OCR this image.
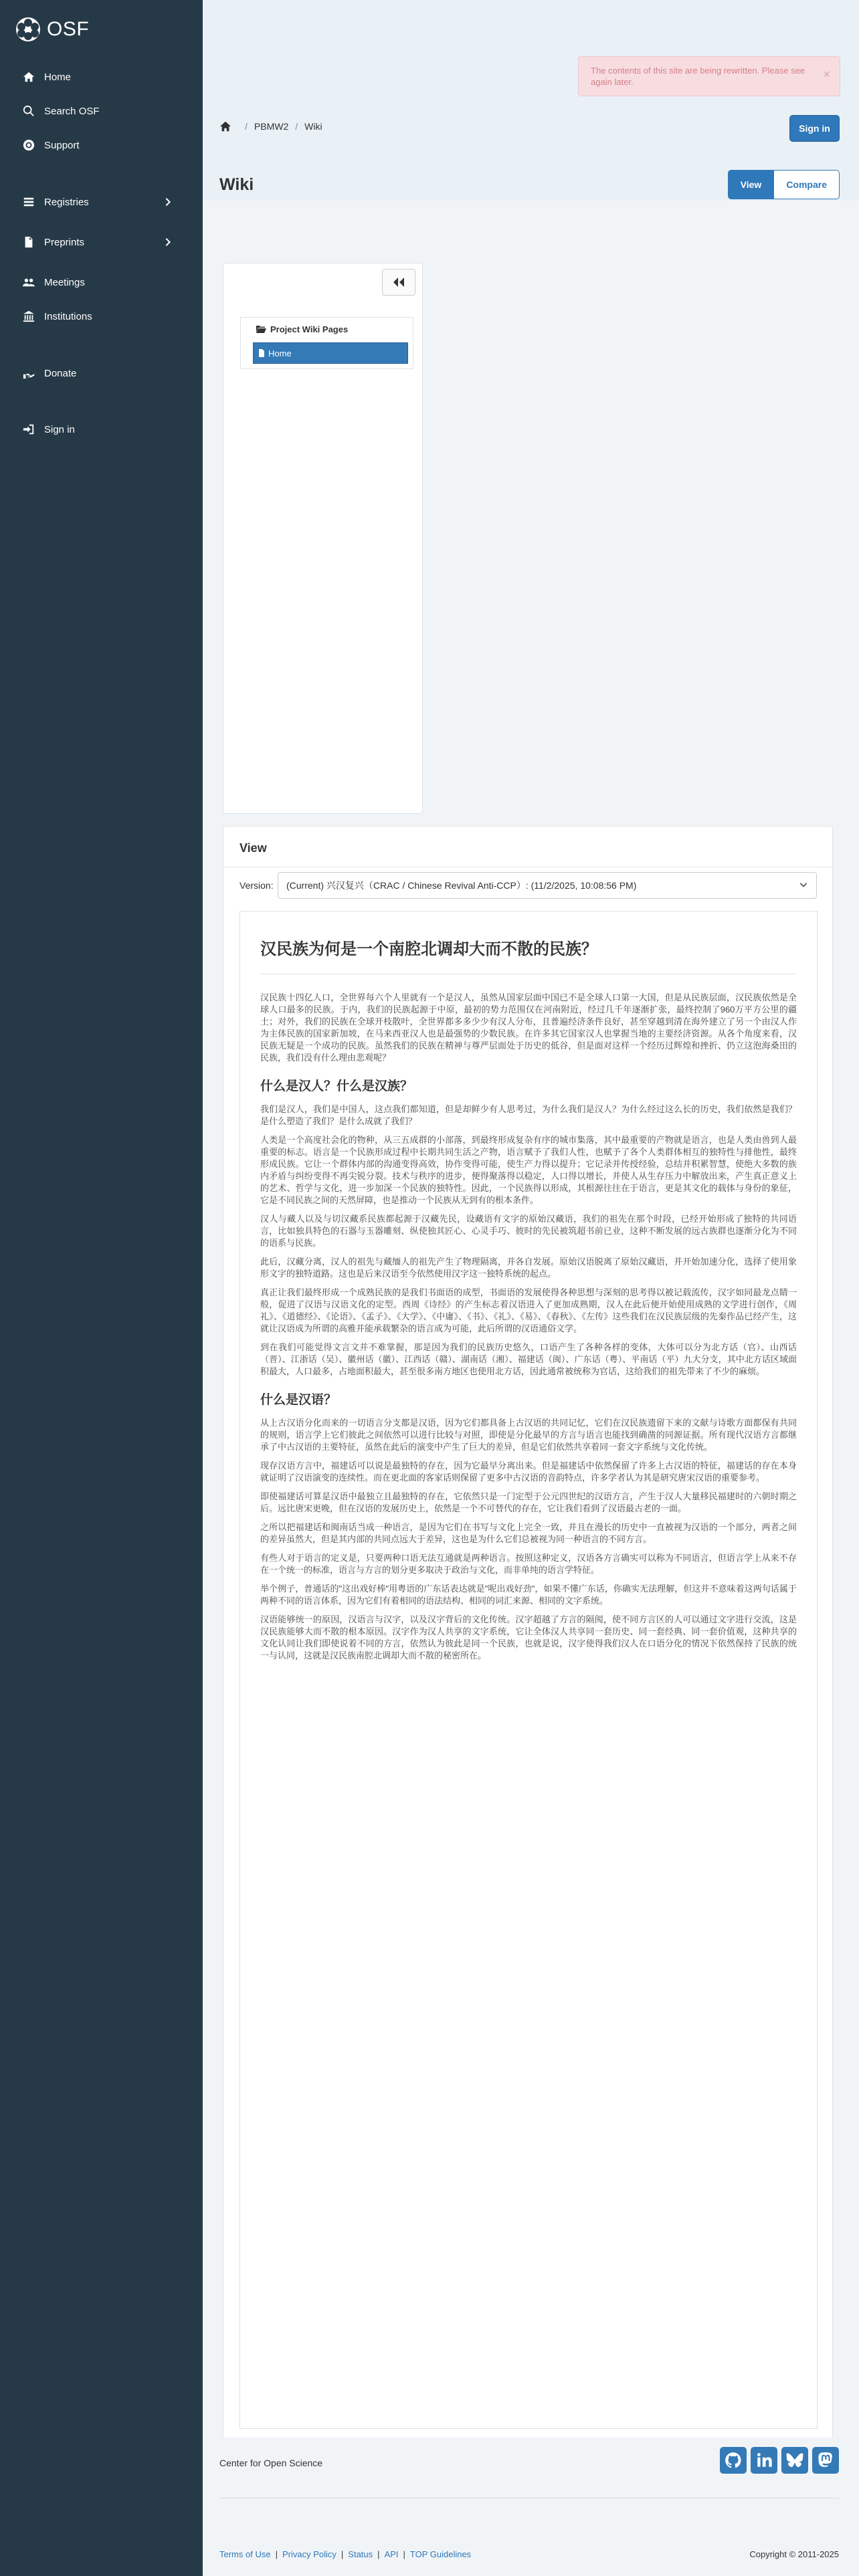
OSF
Home
Search OSF
Support
Registries
Preprints
Meetings
Institutions
Donate
Sign in
The contents of this site are being rewritten. Please see again later.
×
/ PBMW2 / Wiki	Sign in
Wiki	View	Compare
Project Wiki Pages
Home
View
Version: (Current) 兴汉复兴（CRAC / Chinese Revival Anti-CCP）: (11/2/2025, 10:08:56 PM)
汉民族为何是一个南腔北调却大而不散的民族？

汉民族十四亿人口，全世界每六个人里就有一个是汉人，虽然从国家层面中国已不是全球人口第一大国，但是从民族层面，汉民族依然是全球人口最多的民族。于内，我们的民族起源于中原，最初的势力范围仅在河南附近，经过几千年逐渐扩张，最终控制了960万平方公里的疆土；对外，我们的民族在全球开枝散叶，全世界都多多少少有汉人分布，且普遍经济条件良好，甚至穿越到清在海外建立了另一个由汉人作为主体民族的国家新加坡，在马来西亚汉人也是最强势的少数民族。在许多其它国家汉人也掌握当地的主要经济资源。从各个角度来看，汉民族无疑是一个成功的民族。虽然我们的民族在精神与尊严层面处于历史的低谷，但是面对这样一个经历过辉煌和挫折、仍立这泡海桑田的民族，我们没有什么理由悲观呢？

什么是汉人？什么是汉族？

我们是汉人，我们是中国人，这点我们都知道，但是却鲜少有人思考过，为什么我们是汉人？为什么经过这么长的历史，我们依然是我们？是什么塑造了我们？是什么成就了我们？

人类是一个高度社会化的物种，从三五成群的小部落，到最终形成复杂有序的城市集落，其中最重要的产物就是语言，也是人类由兽到人最重要的标志。语言是一个民族形成过程中长期共同生活之产物，语言赋予了我们人性，也赋予了各个人类群体相互的独特性与排他性，最终形成民族。它让一个群体内部的沟通变得高效，协作变得可能，使生产力得以提升；它记录并传授经验，总结并积累智慧，使绝大多数的族内矛盾与纠纷变得不再尖锐分裂。技术与秩序的进步，便得聚落得以稳定，人口得以增长，并使人从生存压力中解放出来，产生真正意义上的艺术、哲学与文化，进一步加深一个民族的独特性。因此，一个民族得以形成，其根源往往在于语言，更是其文化的载体与身份的象征，它是不同民族之间的天然屏障，也是推动一个民族从无到有的根本条件。

汉人与藏人以及与切汉藏系民族都起源于汉藏先民，设藏语有文字的原始汉藏语，我们的祖先在那个时段，已经开始形成了独特的共同语言，比如独具特色的石器与玉器雕刻、纵使独其匠心、心灵手巧、彼时的先民被筑超书前已业，这种不断发展的远古族群也逐渐分化为不同的语系与民族。

此后，汉藏分离，汉人的祖先与藏缅人的祖先产生了物理隔离，并各自发展。原始汉语脱离了原始汉藏语，并开始加速分化，选择了使用象形文字的独特道路。这也是后来汉语至今依然使用汉字这一独特系统的起点。

真正让我们最终形成一个成熟民族的是我们书面语的成型，书面语的发展使得各种思想与深刻的思考得以被记载流传，汉字如同最龙点睛一般，促进了汉语与汉语文化的定型。西周《诗经》的产生标志着汉语进入了更加成熟期，汉人在此后便开始使用成熟的文学进行创作，《周礼》、《道德经》、《论语》、《孟子》、《大学》、《中庸》、《书》、《礼》、《易》、《春秋》、《左传》这些我们在汉民族层级的先秦作品已经产生，这就让汉语成为所谓的高雅并能承载繁杂的语言成为可能，此后所谓的汉语通俗文学。

到在我们可能觉得文言文并不难掌握，那是因为我们的民族历史悠久，口语产生了各种各样的变体，大体可以分为北方话（官）、山西话（晋）、江浙话（吴）、徽州话（徽）、江西话（赣）、湖南话（湘）、福建话（闽）、广东话（粤）、平南话（平）九大分支，其中北方话区域面积最大，人口最多，占地面积最大，甚至很多南方地区也使用北方话，因此通常被统称为官话，这给我们的祖先带来了不少的麻烦。

什么是汉语？

从上古汉语分化而来的一切语言分支都是汉语，因为它们都具备上古汉语的共同记忆，它们在汉民族遗留下来的文献与诗歌方面都保有共同的规则，语言学上它们彼此之间依然可以进行比较与对照，即使是分化最早的方言与语言也能找到确凿的同源证据。所有现代汉语方言都继承了中古汉语的主要特征，虽然在此后的演变中产生了巨大的差异，但是它们依然共享着同一套文字系统与文化传统。

现存汉语方言中，福建话可以说是最独特的存在，因为它最早分离出来。但是福建话中依然保留了许多上古汉语的特征，福建话的存在本身就证明了汉语演变的连续性。而在更北面的客家话则保留了更多中古汉语的音韵特点，许多学者认为其是研究唐宋汉语的重要参考。

即使福建话可算是汉语中最独立且最独特的存在，它依然只是一门定型于公元四世纪的汉语方言，产生于汉人大量移民福建时的六朝时期之后。远比唐宋更晚，但在汉语的发展历史上，依然是一个不可替代的存在，它让我们看到了汉语最古老的一面。

之所以把福建话和闽南话当成一种语言，是因为它们在书写与文化上完全一致，并且在漫长的历史中一直被视为汉语的一个部分，两者之间的差异虽然大，但是其内部的共同点远大于差异，这也是为什么它们总被视为同一种语言的不同方言。

有些人对于语言的定义是，只要两种口语无法互通就是两种语言。按照这种定义，汉语各方言确实可以称为不同语言，但语言学上从来不存在一个统一的标准，语言与方言的划分更多取决于政治与文化，而非单纯的语言学特征。

举个例子，普通话的"这出戏好棒"用粤语的广东话表达就是"呢出戏好劲"，如果不懂广东话，你确实无法理解，但这并不意味着这两句话属于两种不同的语言体系，因为它们有着相同的语法结构、相同的词汇来源、相同的文字系统。

汉语能够统一的原因，汉语言与汉字，以及汉字背后的文化传统。汉字超越了方言的隔阂，使不同方言区的人可以通过文字进行交流，这是汉民族能够大而不散的根本原因。汉字作为汉人共享的文字系统，它让全体汉人共享同一套历史、同一套经典、同一套价值观，这种共享的文化认同让我们即使说着不同的方言，依然认为彼此是同一个民族，也就是说，汉字使得我们汉人在口语分化的情况下依然保持了民族的统一与认同，这就是汉民族南腔北调却大而不散的秘密所在。

Center for Open Science
Terms of Use | Privacy Policy | Status | API | TOP Guidelines	Copyright © 2011-2025
